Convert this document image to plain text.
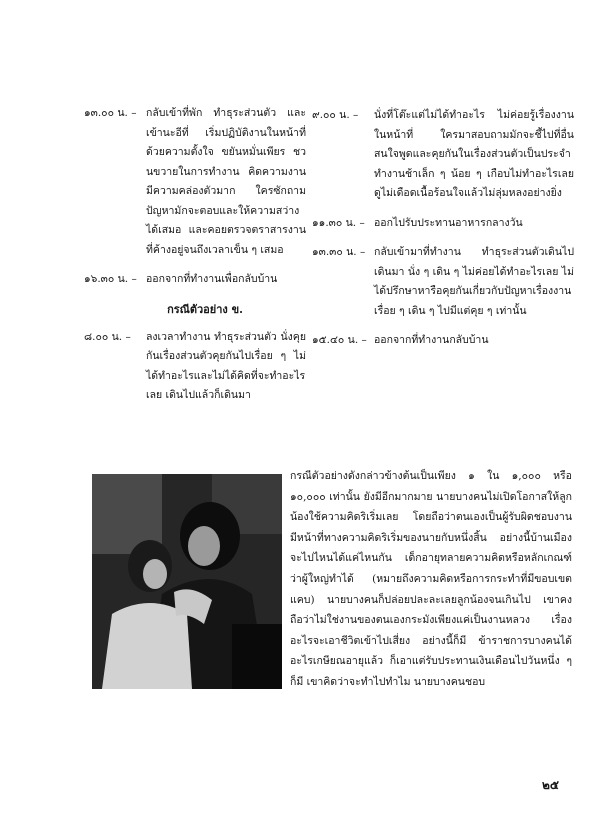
๑๓.๐๐ น. – กลับเข้าที่พัก ทำธุระส่วนตัว และเข้านะอีที่ เริ่มปฏิบัติงานในหน้าที่ด้วยความตั้งใจ ขยันหมั่นเพียร ชวนขวายในการทำงาน คิดความงาน มีความคล่องตัวมาก ใครซักถามปัญหามักจะตอบและให้ความสว่างได้เสมอ และคอยตรวจตราสารงานที่ค้างอยู่จนถึงเวลาเข็น ๆ เสมอ
๑๖.๓๐ น. – ออกจากที่ทำงานเพื่อกลับบ้าน
กรณีตัวอย่าง ข.
๘.๐๐ น. –	ลงเวลาทำงาน ทำธุระส่วนตัว นั่งคุยกันเรื่องส่วนตัวคุยกันไปเรื่อย ๆ ไม่ได้ทำอะไรและไม่ได้คิดที่จะทำอะไรเลย เดินไปแล้วก็เดินมา
๙.๐๐ น. –	นั่งที่โต๊ะแต่ไม่ได้ทำอะไร ไม่ค่อยรู้เรื่องงานในหน้าที่ ใครมาสอบถามมักจะชี้ไปที่อื่น สนใจพูดและคุยกันในเรื่องส่วนตัวเป็นประจำ ทำงานช้าเล็ก ๆ น้อย ๆ เกือบไม่ทำอะไรเลย ดูไม่เดือดเนื้อร้อนใจแล้วไม่ลุ่มหลงอย่างยิ่ง
๑๑.๓๐ น. – ออกไปรับประทานอาหารกลางวัน
๑๓.๓๐ น. – กลับเข้ามาที่ทำงาน ทำธุระส่วนตัวเดินไปเดินมา นั่ง ๆ เดิน ๆ ไม่ค่อยได้ทำอะไรเลย ไม่ได้ปรึกษาหารือคุยกันเกี่ยวกับปัญหาเรื่องงานเรื่อย ๆ เดิน ๆ ไปมีแต่คุย ๆ เท่านั้น
๑๕.๔๐ น. – ออกจากที่ทำงานกลับบ้าน
กรณีตัวอย่างดังกล่าวข้างต้นเป็นเพียง ๑ ใน ๑,๐๐๐ หรือ ๑๐,๐๐๐ เท่านั้น ยังมีอีกมากมาย นายบางคนไม่เปิดโอกาสให้ลูกน้องใช้ความคิดริเริ่มเลย โดยถือว่าตนเองเป็นผู้รับผิดชอบงาน มีหน้าที่ทางความคิดริเริ่มของนายกับหนึ่งสิ้น อย่างนี้บ้านเมืองจะไปไหนได้แค่ไหนกัน เด็กอายุทลายความคิดหรือหลักเกณฑ์ว่าผู้ใหญ่ทำได้ (หมายถึงความคิดหรือการกระทำที่มีขอบเขตแคบ) นายบางคนก็ปล่อยปละละเลยลูกน้องจนเกินไป เขาคงถือว่าไม่ใช่งานของตนเองกระมังเพียงแค่เป็นงานหลวง เรื่องอะไรจะเอาชีวิตเข้าไปเสี่ยง อย่างนี้ก็มี ข้าราชการบางคนได้อะไรเกษียณอายุแล้ว ก็เอาแต่รับประทานเงินเดือนไปวันหนึ่ง ๆ ก็มี เขาคิดว่าจะทำไปทำไม นายบางคนชอบ
๒๕
